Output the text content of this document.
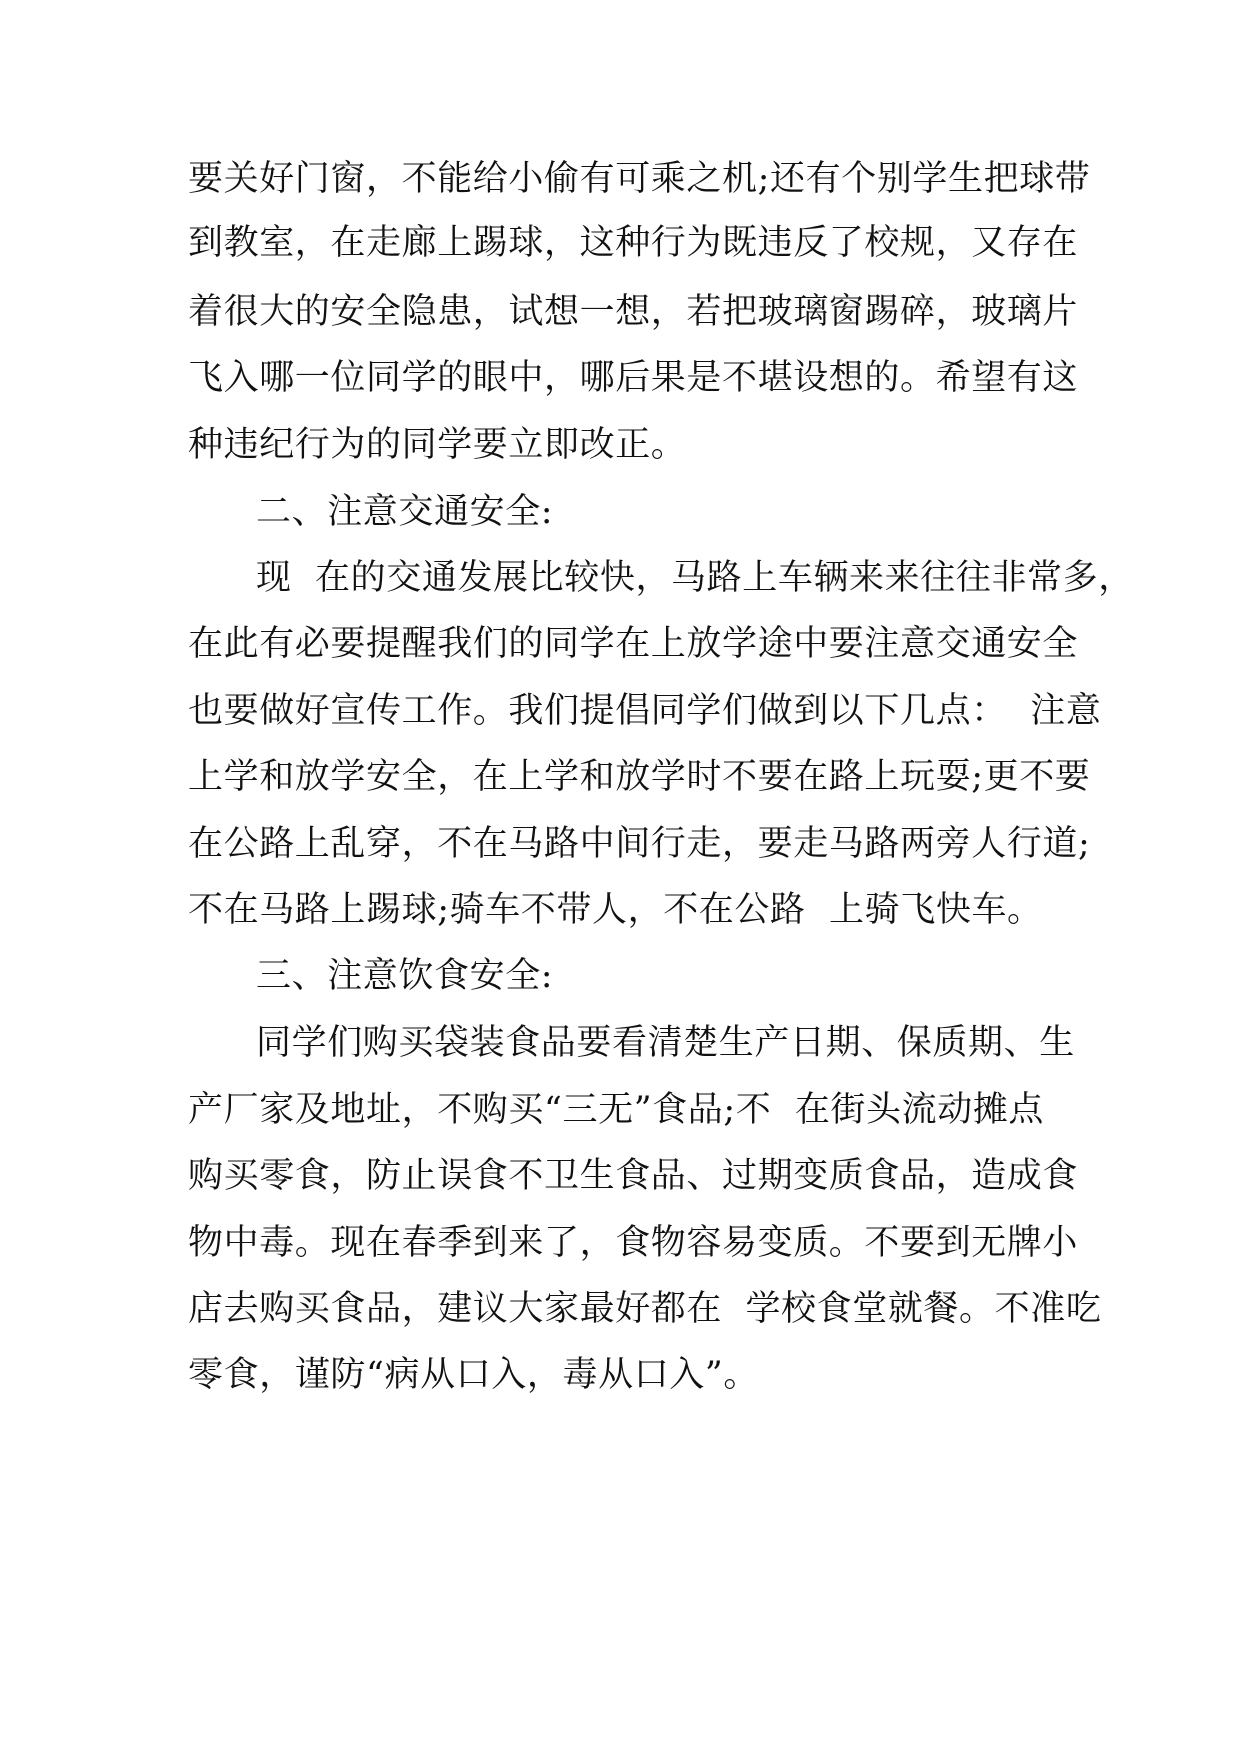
要关好门窗，不能给小偷有可乘之机;还有个别学生把球带

到教室，在走廊上踢球，这种行为既违反了校规，又存在

着很大的安全隐患，试想一想，若把玻璃窗踢碎，玻璃片

飞入哪一位同学的眼中，哪后果是不堪设想的。希望有这

种违纪行为的同学要立即改正。

二、注意交通安全:

现  在的交通发展比较快，马路上车辆来来往往非常多，

在此有必要提醒我们的同学在上放学途中要注意交通安全

也要做好宣传工作。我们提倡同学们做到以下几点：  注意

上学和放学安全，在上学和放学时不要在路上玩耍;更不要

在公路上乱穿，不在马路中间行走，要走马路两旁人行道;

不在马路上踢球;骑车不带人，不在公路  上骑飞快车。

三、注意饮食安全:

同学们购买袋装食品要看清楚生产日期、保质期、生

产厂家及地址，不购买“三无”食品;不  在街头流动摊点

购买零食，防止误食不卫生食品、过期变质食品，造成食

物中毒。现在春季到来了，食物容易变质。不要到无牌小

店去购买食品，建议大家最好都在  学校食堂就餐。不准吃

零食，谨防“病从口入，毒从口入”。
